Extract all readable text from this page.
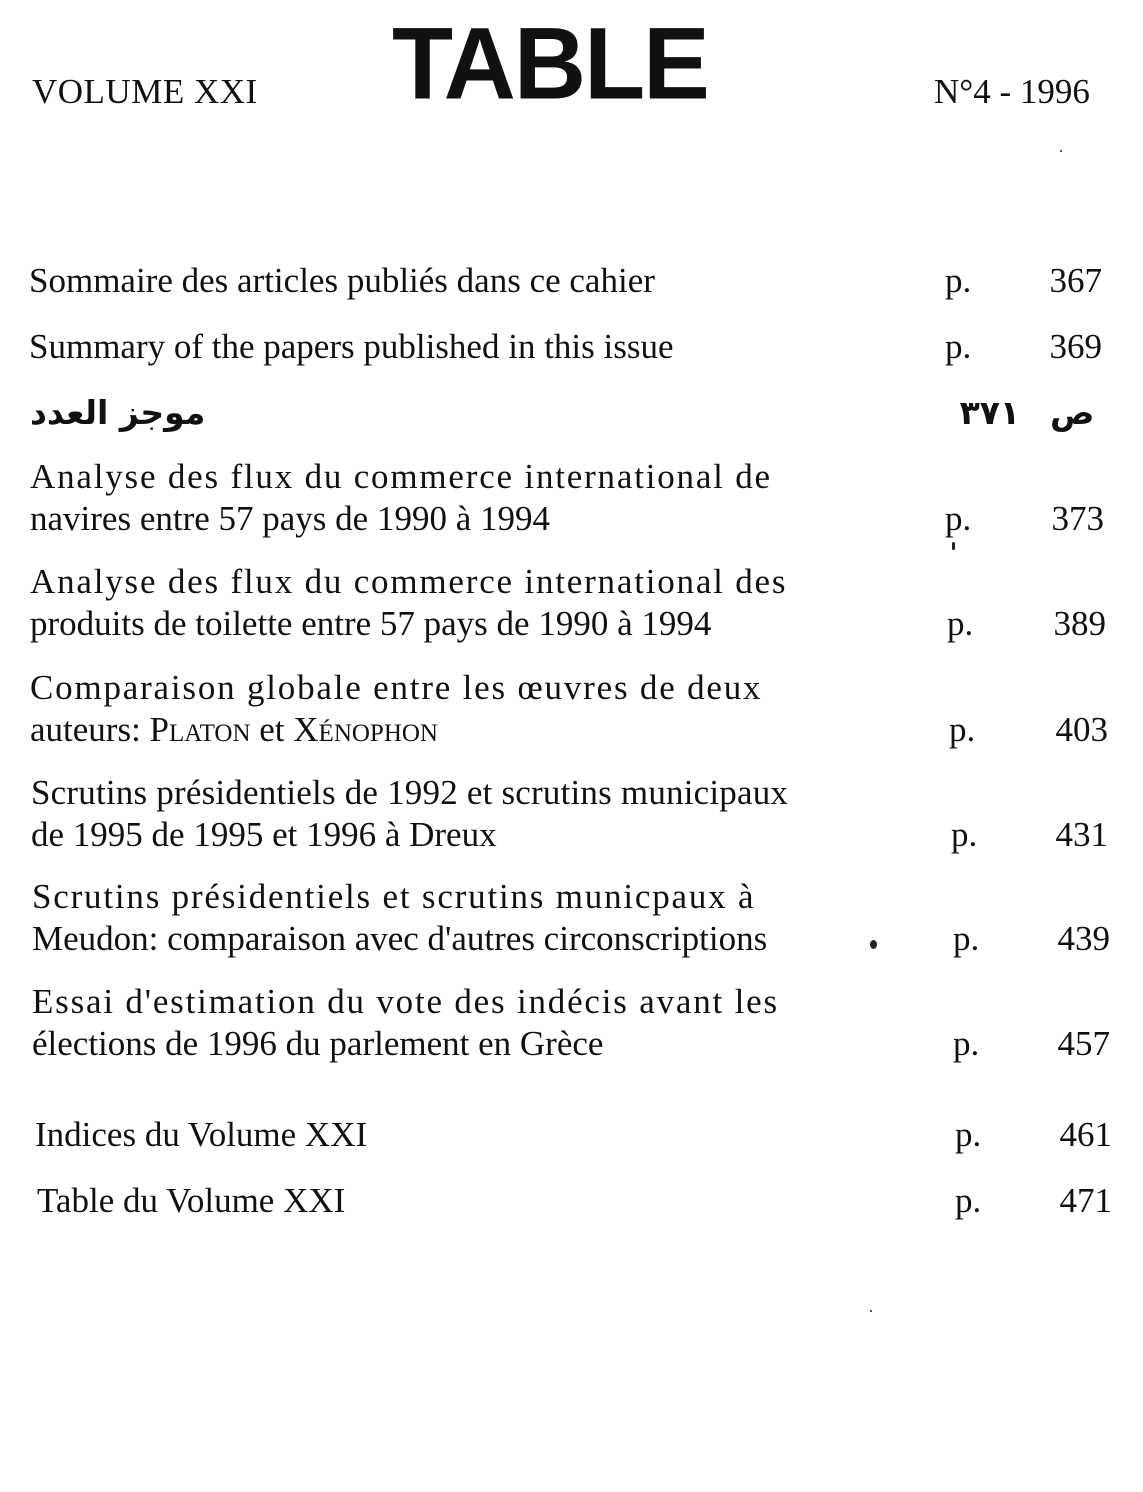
VOLUME XXI TABLE	N°4 - 1996
Sommaire des articles publiés dans ce cahier	p.	367
Summary of the papers published in this issue	p.	369
موجز العدد	٣٧١ ص
Analyse des flux du commerce international de
navires entre 57 pays de 1990 à 1994	p.	373
Analyse des flux du commerce international des
produits de toilette entre 57 pays de 1990 à 1994	p.	389
Comparaison globale entre les œuvres de deux
auteurs: Platon et Xénophon	p.	403
Scrutins présidentiels de 1992 et scrutins municipaux
de 1995 de 1995 et 1996 à Dreux	p.	431
Scrutins présidentiels et scrutins municpaux à
Meudon: comparaison avec d'autres circonscriptions	p.	439
Essai d'estimation du vote des indécis avant les
élections de 1996 du parlement en Grèce	p.	457
Indices du Volume XXI	p.	461
Table du Volume XXI	p.	471
